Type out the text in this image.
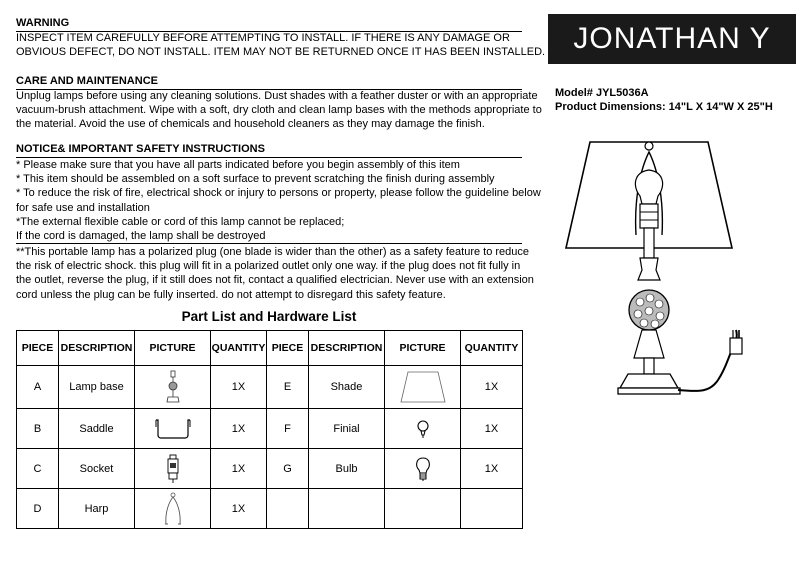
WARNING
INSPECT ITEM CAREFULLY BEFORE ATTEMPTING TO INSTALL. IF THERE IS ANY DAMAGE OR
OBVIOUS DEFECT, DO NOT INSTALL. ITEM MAY NOT BE RETURNED ONCE IT HAS BEEN INSTALLED.
CARE AND MAINTENANCE
Unplug lamps before using any cleaning solutions. Dust shades with a feather duster or with an appropriate
vacuum-brush attachment. Wipe with a soft, dry cloth and clean lamp bases with the methods appropriate to
the material. Avoid the use of chemicals and household cleaners as they may damage the finish.
NOTICE& IMPORTANT SAFETY INSTRUCTIONS
* Please make sure that you have all parts indicated before you begin assembly of this item
* This item should be assembled on a soft surface to prevent scratching the finish during assembly
* To reduce the risk of fire, electrical shock or injury to persons or property, please follow the guideline below
for safe use and installation
*The external flexible cable or cord of this lamp cannot be replaced;
If the cord is damaged, the lamp shall be destroyed
**This portable lamp has a polarized plug (one blade is wider than the other) as a safety feature to reduce
the risk of electric shock. this plug will fit in a polarized outlet only one way. if the plug does not fit fully in
the outlet, reverse the plug, if it still does not fit, contact a qualified electrician. Never use with an extension
cord unless the plug can be fully inserted. do not attempt to disregard this safety feature.
JONATHAN Y
Model# JYL5036A
Product Dimensions: 14"L X 14"W X 25"H
Part List and Hardware List
PIECE	DESCRIPTION	PICTURE	QUANTITY	PIECE	DESCRIPTION	PICTURE	QUANTITY
A	Lamp base		1X	E	Shade		1X
B	Saddle		1X	F	Finial		1X
C	Socket		1X	G	Bulb		1X
D	Harp		1X				
